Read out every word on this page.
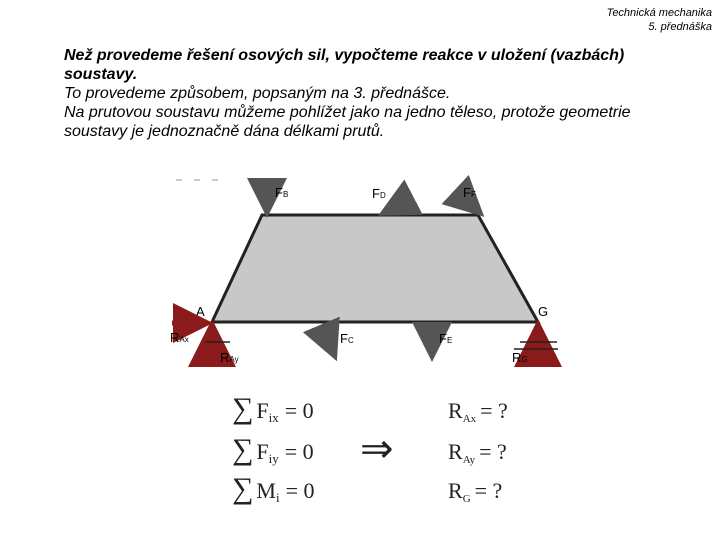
Technická mechanika
5. přednáška

Než provedeme řešení osových sil, vypočteme reakce v uložení (vazbách) soustavy.

To provedeme způsobem, popsaným na 3. přednášce.

Na prutovou soustavu můžeme pohlížet jako na jedno těleso, protože geometrie soustavy je jednoznačně dána délkami prutů.

FB	FD	FF
A	G
RAx
RAy
FC	FE
RG
∑ Fix = 0
∑ Fiy = 0
∑ Mi = 0
⇒
RAx = ?
RAy = ?
RG = ?
